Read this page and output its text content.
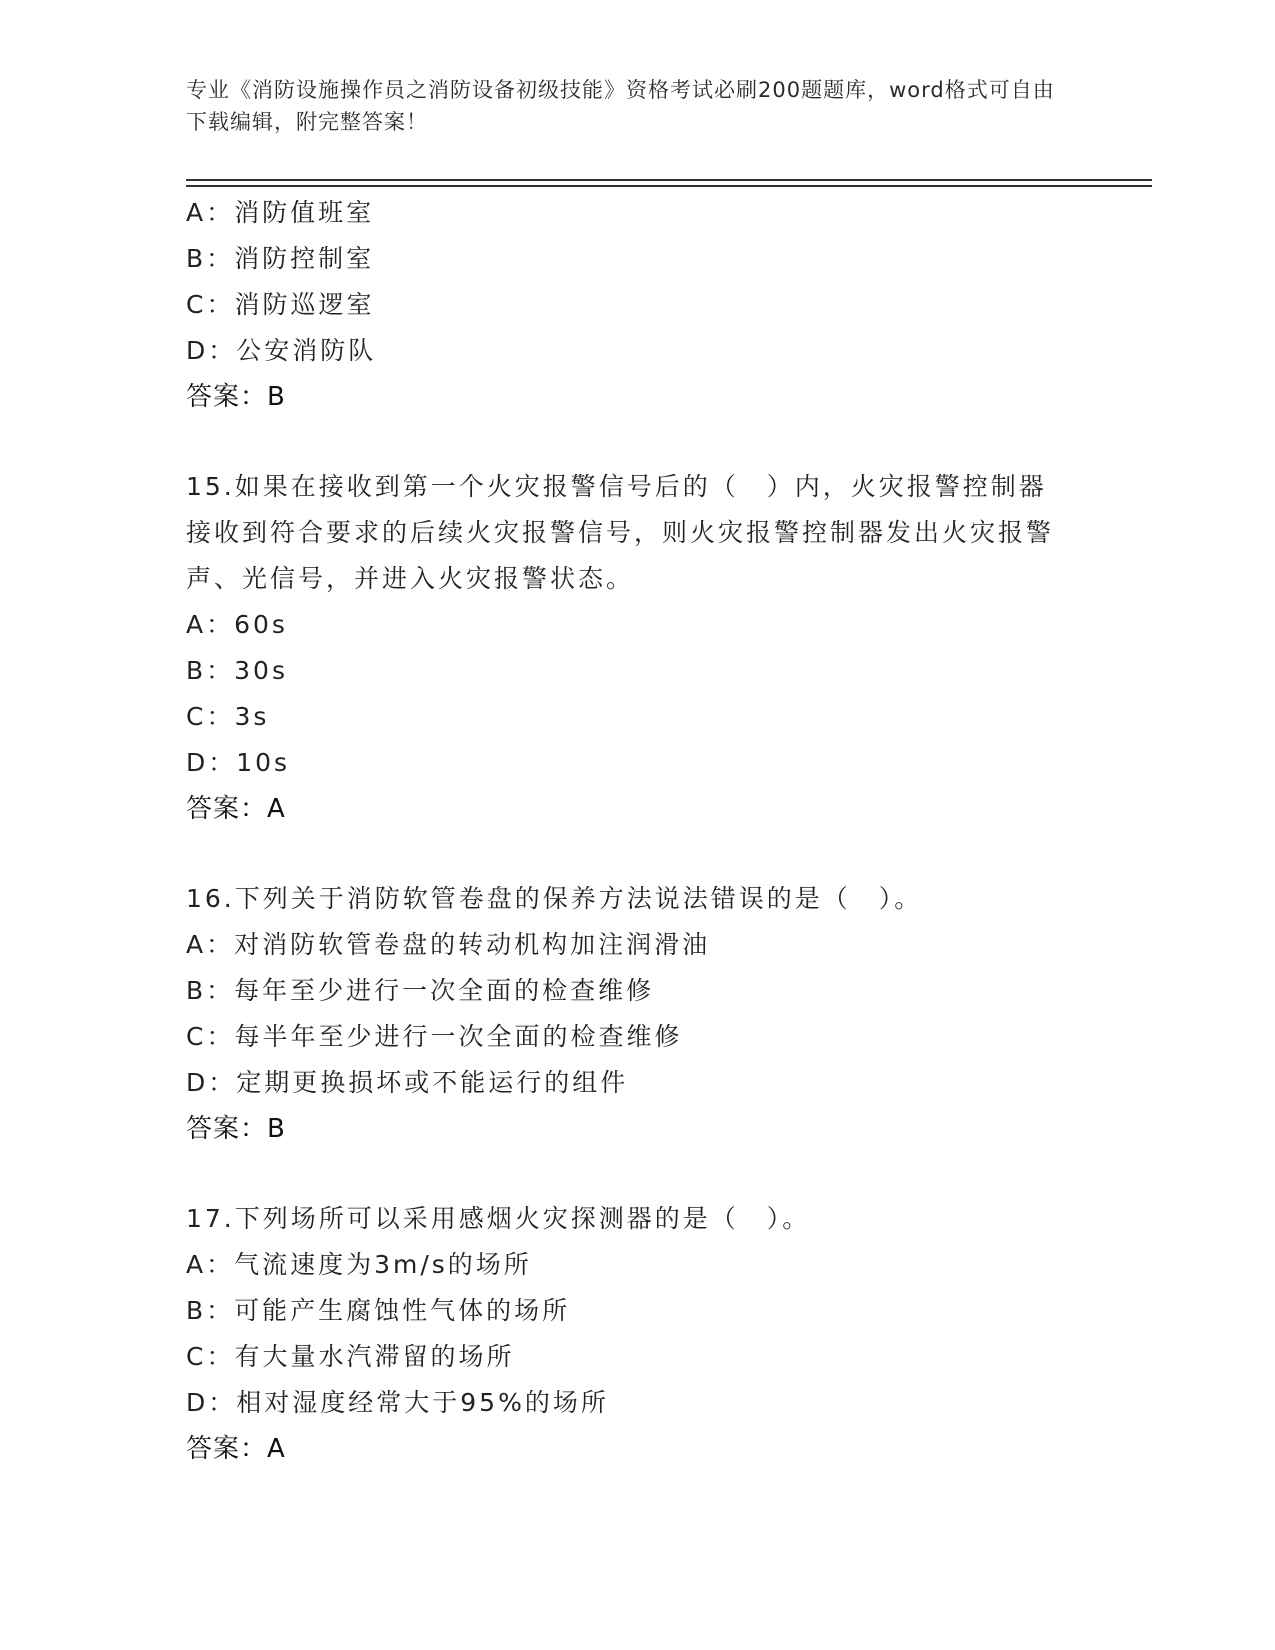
专业《消防设施操作员之消防设备初级技能》资格考试必刷200题题库，word格式可自由下载编辑，附完整答案！
A：消防值班室
B：消防控制室
C：消防巡逻室
D：公安消防队
答案：B
15.如果在接收到第一个火灾报警信号后的（　）内，火灾报警控制器接收到符合要求的后续火灾报警信号，则火灾报警控制器发出火灾报警声、光信号，并进入火灾报警状态。
A：60s
B：30s
C：3s
D：10s
答案：A
16.下列关于消防软管卷盘的保养方法说法错误的是（　）。
A：对消防软管卷盘的转动机构加注润滑油
B：每年至少进行一次全面的检查维修
C：每半年至少进行一次全面的检查维修
D：定期更换损坏或不能运行的组件
答案：B
17.下列场所可以采用感烟火灾探测器的是（　）。
A：气流速度为3m/s的场所
B：可能产生腐蚀性气体的场所
C：有大量水汽滞留的场所
D：相对湿度经常大于95%的场所
答案：A
